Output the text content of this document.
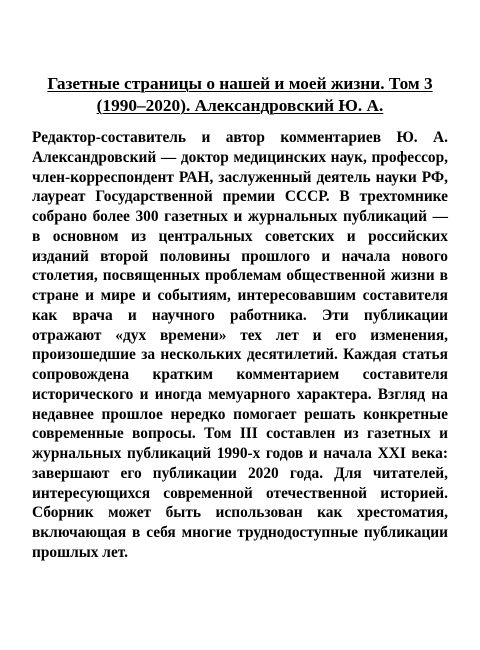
Газетные страницы о нашей и моей жизни. Том 3 (1990–2020). Александровский Ю. А.

Редактор-составитель и автор комментариев Ю. А. Александровский — доктор медицинских наук, профессор, член-корреспондент РАН, заслуженный деятель науки РФ, лауреат Государственной премии СССР. В трехтомнике собрано более 300 газетных и журнальных публикаций — в основном из центральных советских и российских изданий второй половины прошлого и начала нового столетия, посвященных проблемам общественной жизни в стране и мире и событиям, интересовавшим составителя как врача и научного работника. Эти публикации отражают «дух времени» тех лет и его изменения, произошедшие за нескольких десятилетий. Каждая статья сопровождена кратким комментарием составителя исторического и иногда мемуарного характера. Взгляд на недавнее прошлое нередко помогает решать конкретные современные вопросы. Том III составлен из газетных и журнальных публикаций 1990-х годов и начала XXI века: завершают его публикации 2020 года. Для читателей, интересующихся современной отечественной историей. Сборник может быть использован как хрестоматия, включающая в себя многие труднодоступные публикации прошлых лет.
